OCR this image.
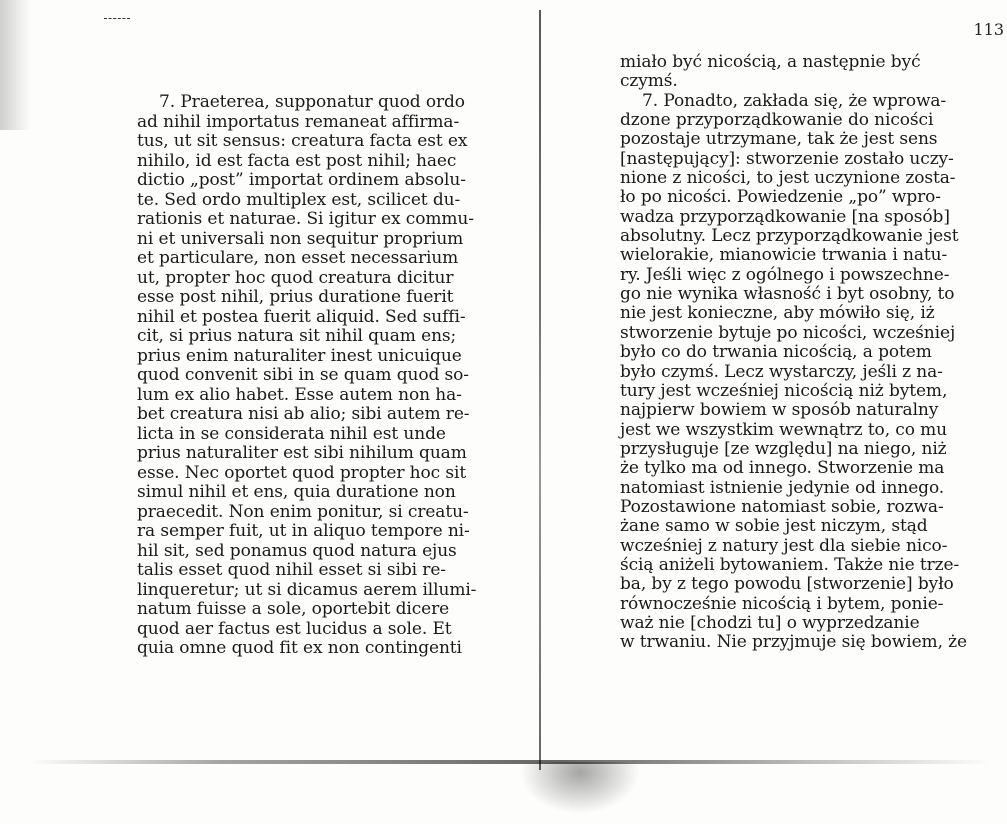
113
7. Praeterea, supponatur quod ordo
ad nihil importatus remaneat affirma-
tus, ut sit sensus: creatura facta est ex
nihilo, id est facta est post nihil; haec
dictio „post” importat ordinem absolu-
te. Sed ordo multiplex est, scilicet du-
rationis et naturae. Si igitur ex commu-
ni et universali non sequitur proprium
et particulare, non esset necessarium
ut, propter hoc quod creatura dicitur
esse post nihil, prius duratione fuerit
nihil et postea fuerit aliquid. Sed suffi-
cit, si prius natura sit nihil quam ens;
prius enim naturaliter inest unicuique
quod convenit sibi in se quam quod so-
lum ex alio habet. Esse autem non ha-
bet creatura nisi ab alio; sibi autem re-
licta in se considerata nihil est unde
prius naturaliter est sibi nihilum quam
esse. Nec oportet quod propter hoc sit
simul nihil et ens, quia duratione non
praecedit. Non enim ponitur, si creatu-
ra semper fuit, ut in aliquo tempore ni-
hil sit, sed ponamus quod natura ejus
talis esset quod nihil esset si sibi re-
linqueretur; ut si dicamus aerem illumi-
natum fuisse a sole, oportebit dicere
quod aer factus est lucidus a sole. Et
quia omne quod fit ex non contingenti
miało być nicością, a następnie być
czymś.
7. Ponadto, zakłada się, że wprowa-
dzone przyporządkowanie do nicości
pozostaje utrzymane, tak że jest sens
[następujący]: stworzenie zostało uczy-
nione z nicości, to jest uczynione zosta-
ło po nicości. Powiedzenie „po” wpro-
wadza przyporządkowanie [na sposób]
absolutny. Lecz przyporządkowanie jest
wielorakie, mianowicie trwania i natu-
ry. Jeśli więc z ogólnego i powszechne-
go nie wynika własność i byt osobny, to
nie jest konieczne, aby mówiło się, iż
stworzenie bytuje po nicości, wcześniej
było co do trwania nicością, a potem
było czymś. Lecz wystarczy, jeśli z na-
tury jest wcześniej nicością niż bytem,
najpierw bowiem w sposób naturalny
jest we wszystkim wewnątrz to, co mu
przysługuje [ze względu] na niego, niż
że tylko ma od innego. Stworzenie ma
natomiast istnienie jedynie od innego.
Pozostawione natomiast sobie, rozwa-
żane samo w sobie jest niczym, stąd
wcześniej z natury jest dla siebie nico-
ścią aniżeli bytowaniem. Także nie trze-
ba, by z tego powodu [stworzenie] było
równocześnie nicością i bytem, ponie-
waż nie [chodzi tu] o wyprzedzanie
w trwaniu. Nie przyjmuje się bowiem, że
